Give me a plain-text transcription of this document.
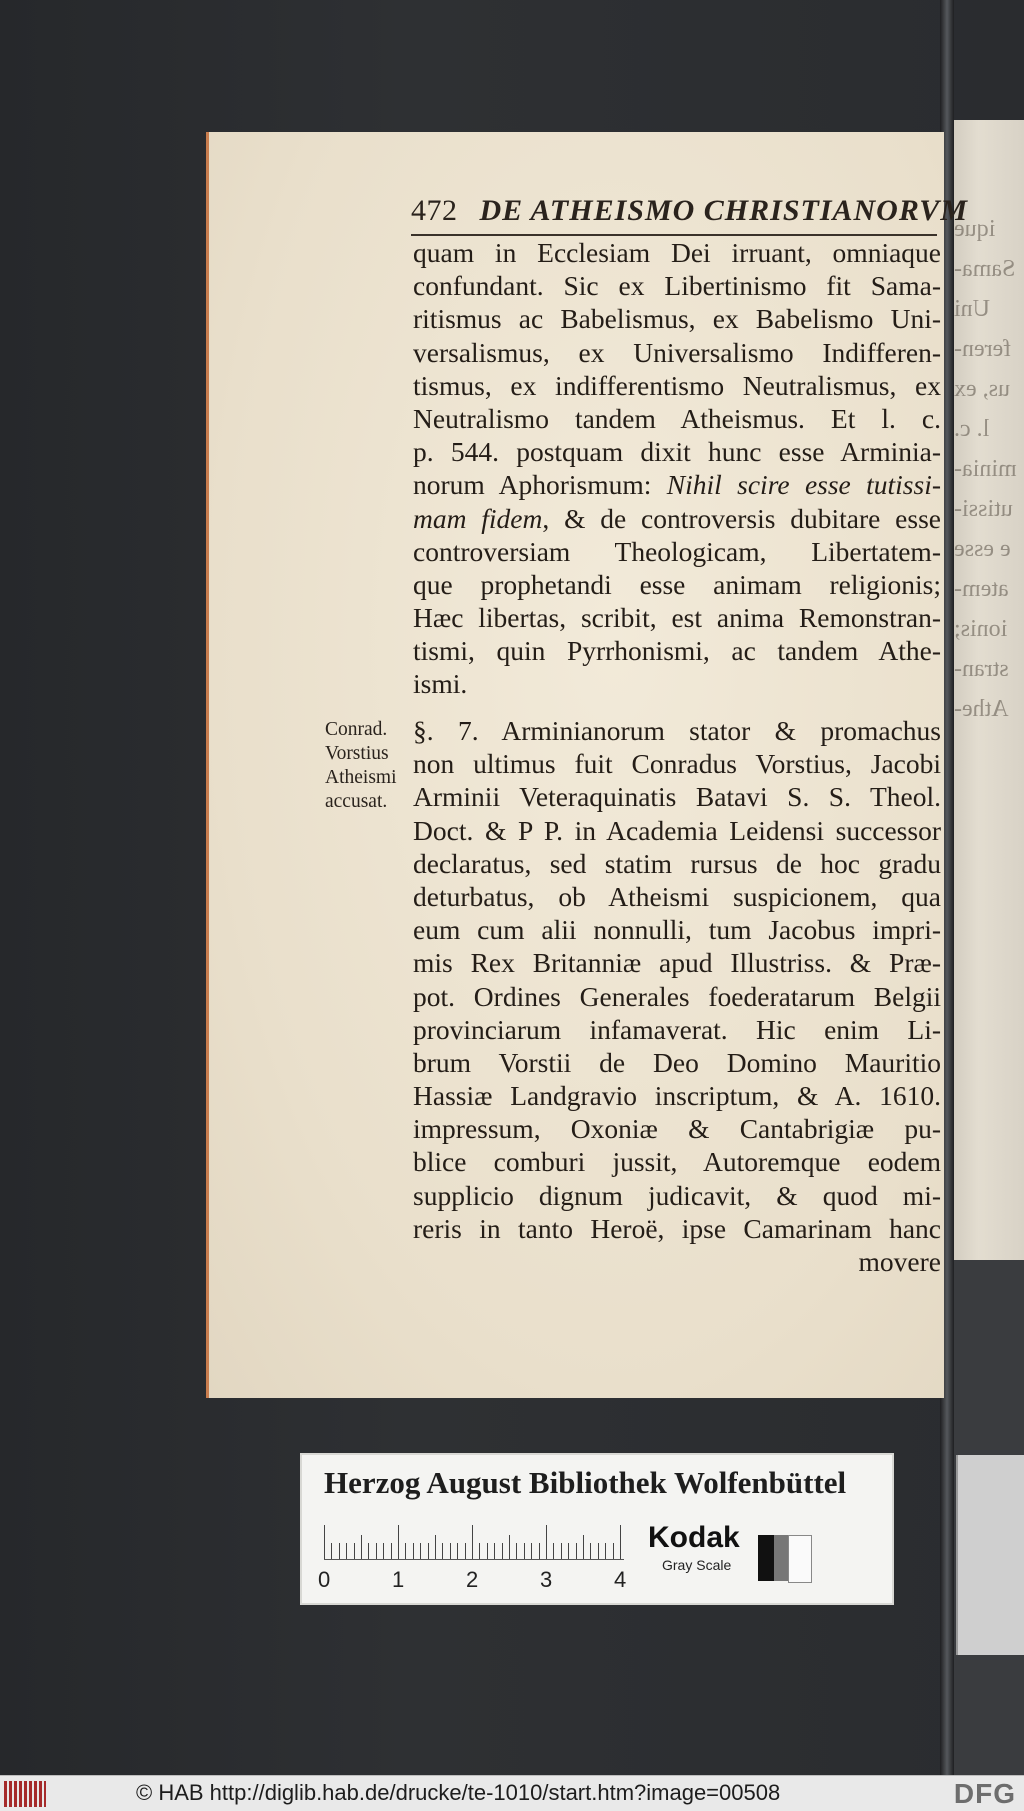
ique
Sama-
Uni
feren-
us, ex
l. c.
minia-
utissi-
e esse
atem-
ionis;
stran-
Athe-
472 DE ATHEISMO CHRISTIANORVM
quam in Ecclesiam Dei irruant, omniaque
confundant. Sic ex Libertinismo fit Sama-
ritismus ac Babelismus, ex Babelismo Uni-
versalismus, ex Universalismo Indifferen-
tismus, ex indifferentismo Neutralismus, ex
Neutralismo tandem Atheismus. Et l. c.
p. 544. postquam dixit hunc esse Arminia-
norum Aphorismum: Nihil scire esse tutissi-
mam fidem, & de controversis dubitare esse
controversiam Theologicam, Libertatem-
que prophetandi esse animam religionis;
Hæc libertas, scribit, est anima Remonstran-
tismi, quin Pyrrhonismi, ac tandem Athe-
ismi.
Conrad.
Vorstius
Atheismi
accusat.
§. 7. Arminianorum stator & promachus
non ultimus fuit Conradus Vorstius, Jacobi
Arminii Veteraquinatis Batavi S. S. Theol.
Doct. & P P. in Academia Leidensi successor
declaratus, sed statim rursus de hoc gradu
deturbatus, ob Atheismi suspicionem, qua
eum cum alii nonnulli, tum Jacobus impri-
mis Rex Britanniæ apud Illustriss. & Præ-
pot. Ordines Generales foederatarum Belgii
provinciarum infamaverat. Hic enim Li-
brum Vorstii de Deo Domino Mauritio
Hassiæ Landgravio inscriptum, & A. 1610.
impressum, Oxoniæ & Cantabrigiæ pu-
blice comburi jussit, Autoremque eodem
supplicio dignum judicavit, & quod mi-
reris in tanto Heroë, ipse Camarinam hanc
movere
Herzog August Bibliothek Wolfenbüttel
0	1	2	3	4
Kodak
Gray Scale
© HAB http://diglib.hab.de/drucke/te-1010/start.htm?image=00508	DFG
